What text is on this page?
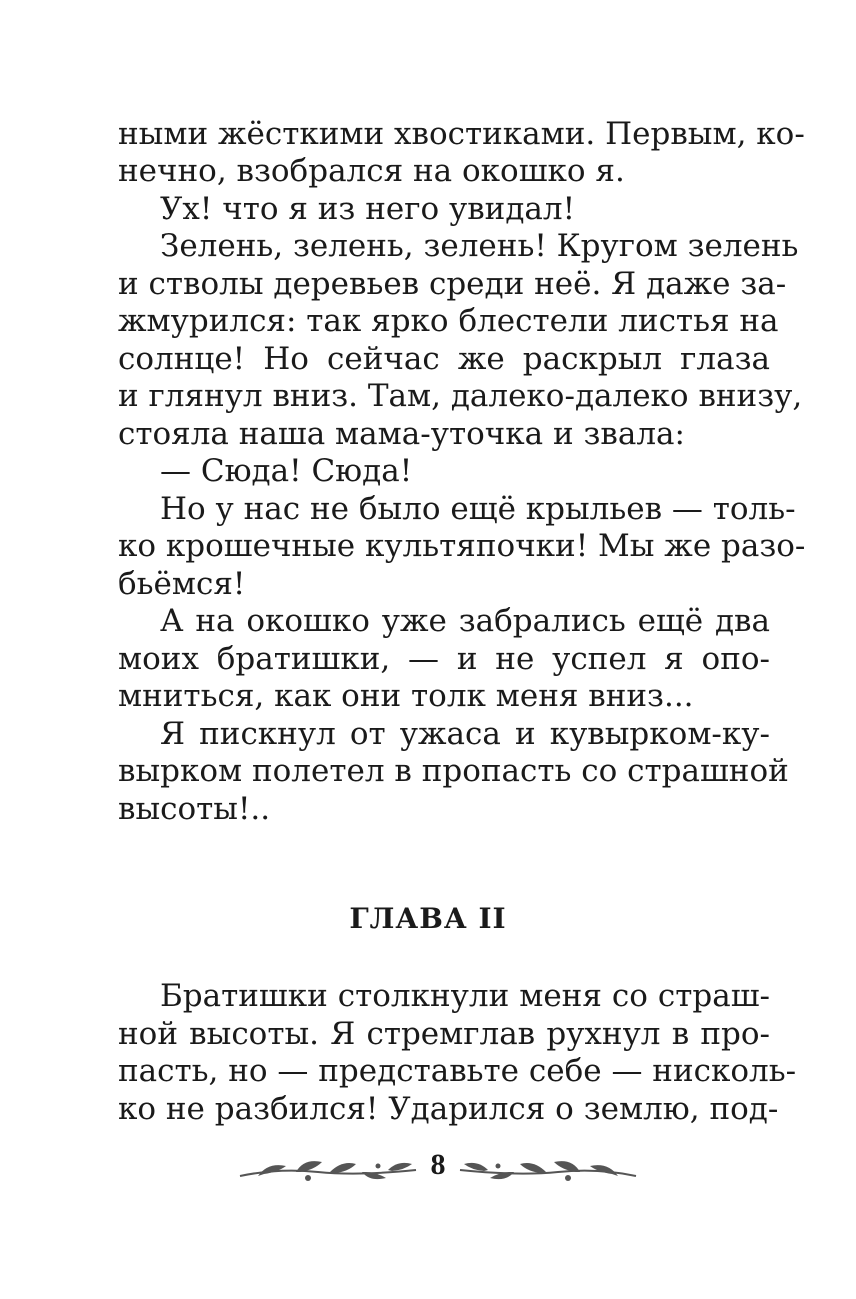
ными жёсткими хвостиками. Первым, ко-
нечно, взобрался на окошко я.
Ух! что я из него увидал!
Зелень, зелень, зелень! Кругом зелень
и стволы деревьев среди неё. Я даже за-
жмурился: так ярко блестели листья на
солнце! Но сейчас же раскрыл глаза
и глянул вниз. Там, далеко-далеко внизу,
стояла наша мама-уточка и звала:
— Сюда! Сюда!
Но у нас не было ещё крыльев — толь-
ко крошечные культяпочки! Мы же разо-
бьёмся!
А на окошко уже забрались ещё два
моих братишки, — и не успел я опо-
мниться, как они толк меня вниз...
Я пискнул от ужаса и кувырком-ку-
вырком полетел в пропасть со страшной
высоты!..
ГЛАВА II
Братишки столкнули меня со страш-
ной высоты. Я стремглав рухнул в про-
пасть, но — представьте себе — нисколь-
ко не разбился! Ударился о землю, под-
8
